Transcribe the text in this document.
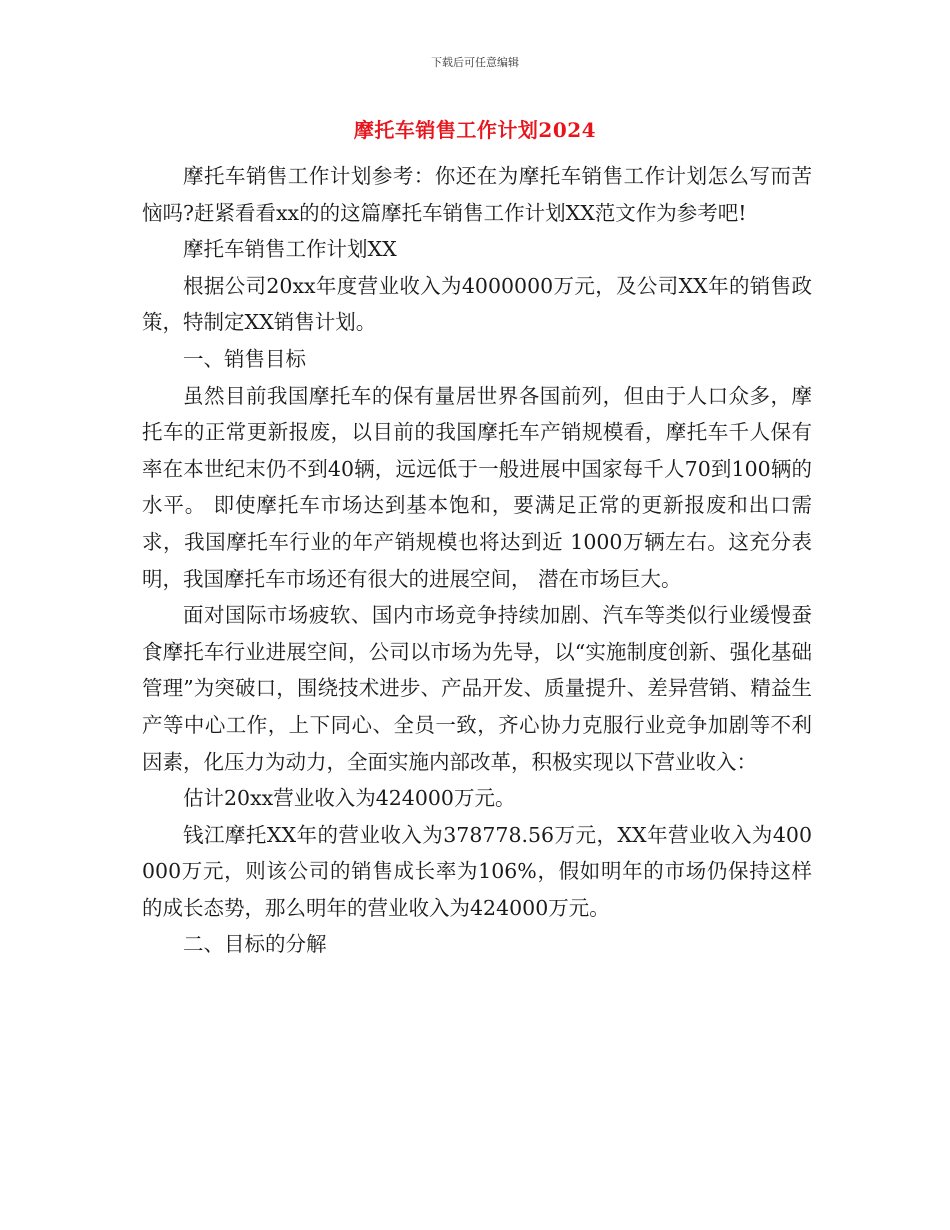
下载后可任意编辑
摩托车销售工作计划2024

摩托车销售工作计划参考：你还在为摩托车销售工作计划怎么写而苦恼吗?赶紧看看xx的的这篇摩托车销售工作计划XX范文作为参考吧!

摩托车销售工作计划XX

根据公司20xx年度营业收入为4000000万元，及公司XX年的销售政策，特制定XX销售计划。

一、销售目标

虽然目前我国摩托车的保有量居世界各国前列，但由于人口众多，摩托车的正常更新报废，以目前的我国摩托车产销规模看，摩托车千人保有率在本世纪末仍不到40辆，远远低于一般进展中国家每千人70到100辆的水平。 即使摩托车市场达到基本饱和，要满足正常的更新报废和出口需求，我国摩托车行业的年产销规模也将达到近 1000万辆左右。这充分表明，我国摩托车市场还有很大的进展空间， 潜在市场巨大。

面对国际市场疲软、国内市场竞争持续加剧、汽车等类似行业缓慢蚕食摩托车行业进展空间，公司以市场为先导，以“实施制度创新、强化基础管理”为突破口，围绕技术进步、产品开发、质量提升、差异营销、精益生产等中心工作，上下同心、全员一致，齐心协力克服行业竞争加剧等不利因素，化压力为动力，全面实施内部改革，积极实现以下营业收入：

估计20xx营业收入为424000万元。

钱江摩托XX年的营业收入为378778.56万元，XX年营业收入为400000万元，则该公司的销售成长率为106%，假如明年的市场仍保持这样的成长态势，那么明年的营业收入为424000万元。

二、目标的分解
